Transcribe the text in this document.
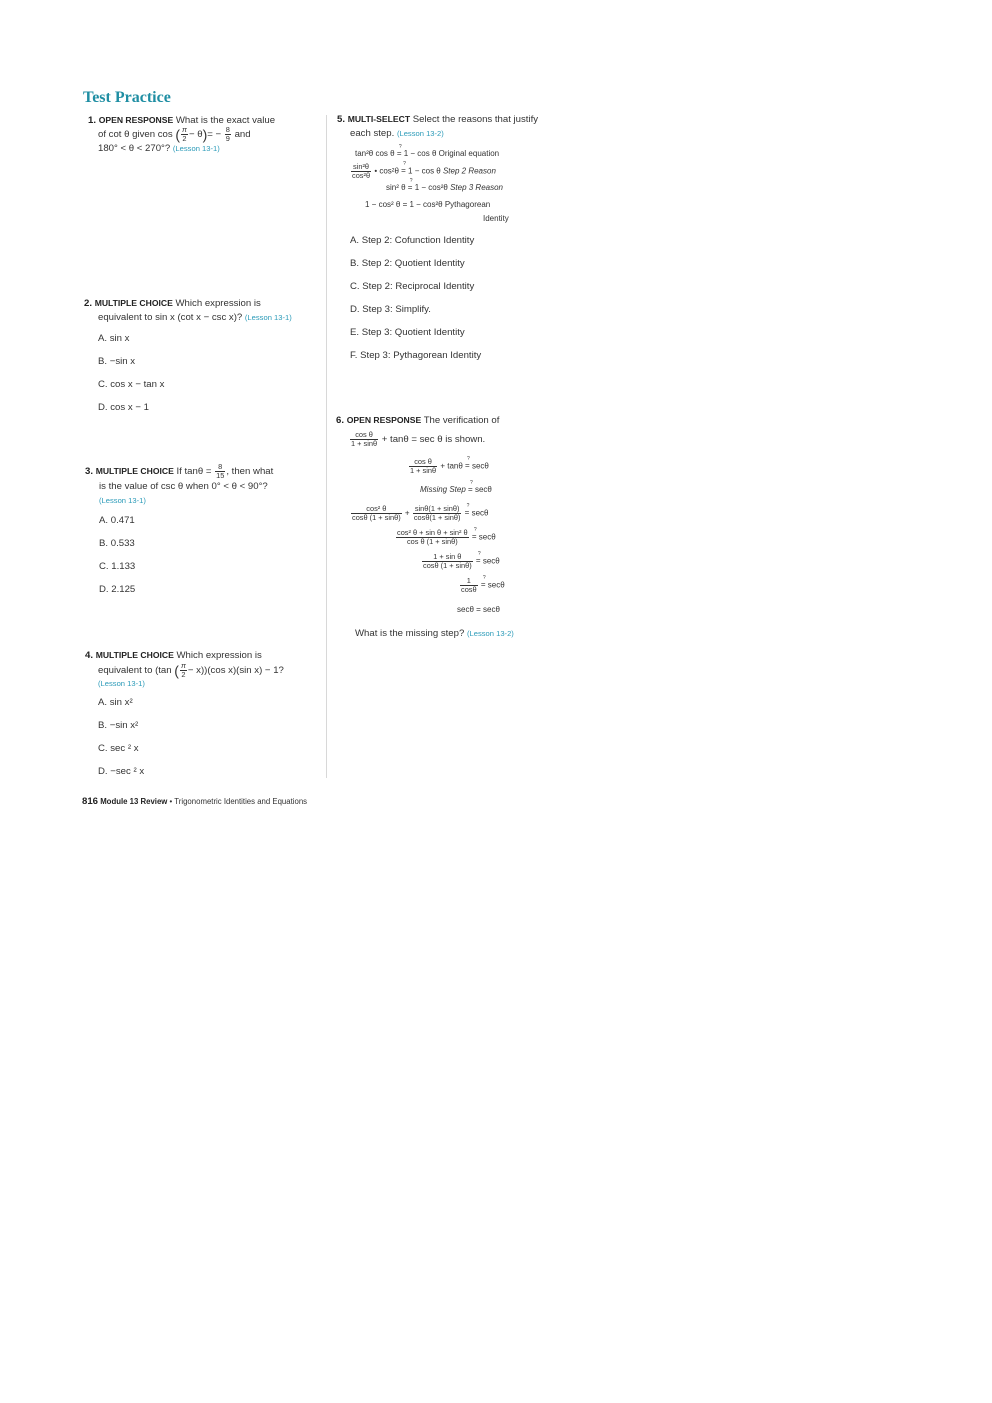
Test Practice
1. OPEN RESPONSE What is the exact value
of cot θ given cos ( $\frac{\pi}{2} - \theta)= - \frac{8}{9}$ and
180° < θ < 270°? (Lesson 13-1)
2. MULTIPLE CHOICE Which expression is
equivalent to sin x (cot x − csc x)? (Lesson 13-1)
A. sin x
B. −sin x
C. cos x − tan x
D. cos x − 1
3. MULTIPLE CHOICE If $\tan\theta = \frac{8}{15}$ , then what
is the value of csc θ when 0° < θ < 90°?
(Lesson 13-1)
A. 0.471
B. 0.533
C. 1.133
D. 2.125
4. MULTIPLE CHOICE Which expression is
equivalent to (tan ( $\frac{\pi}{2} - x))(\cos$ x)(sin x) − 1?
(Lesson 13-1)
A. sin x²
B. −sin x²
C. sec ² x
D. −sec ² x
5. MULTI-SELECT Select the reasons that justify
each step. (Lesson 13-2)
tan²θ cos θ =
?
1 − cos θ Original equation
$\frac{\text{sin²θ}}{\text{cos²θ}}$ • cos²θ =
?
1 − cos θ Step 2 Reason
sin² θ =
?
1 − cos²θ Step 3 Reason
1 − cos² θ = 1 − cos²θ Pythagorean
Identity
A. Step 2: Cofunction Identity
B. Step 2: Quotient Identity
C. Step 2: Reciprocal Identity
D. Step 3: Simplify.
E. Step 3: Quotient Identity
F. Step 3: Pythagorean Identity
6. OPEN RESPONSE The verification of
$\frac{\text{cos θ}}{1 + \sin\theta} + \tan\theta = \sec \theta$ is shown.
$\frac{\text{cos θ}}{1 + \sin\theta} + \tan\theta$ =
?
secθ
Missing Step =
?
secθ
$\frac{\text{cos² θ}}{\cos\theta (1 + \sin\theta)} + \frac{\sin\theta(1 + \sin\theta)}{\cos\theta(1 + \sin\theta)}$ =
?
secθ
$\frac{\text{cos² θ + sin θ + sin² θ}}{\text{cos θ (1 + sinθ)}}$ =
?
secθ
$\frac{\text{1 + sin θ}}{\cos\theta (1 + \sin\theta)}$ =
?
secθ
$\frac{1}{\cos\theta}$ =
?
secθ
secθ = secθ
What is the missing step? (Lesson 13-2)
816 Module 13 Review • Trigonometric Identities and Equations
